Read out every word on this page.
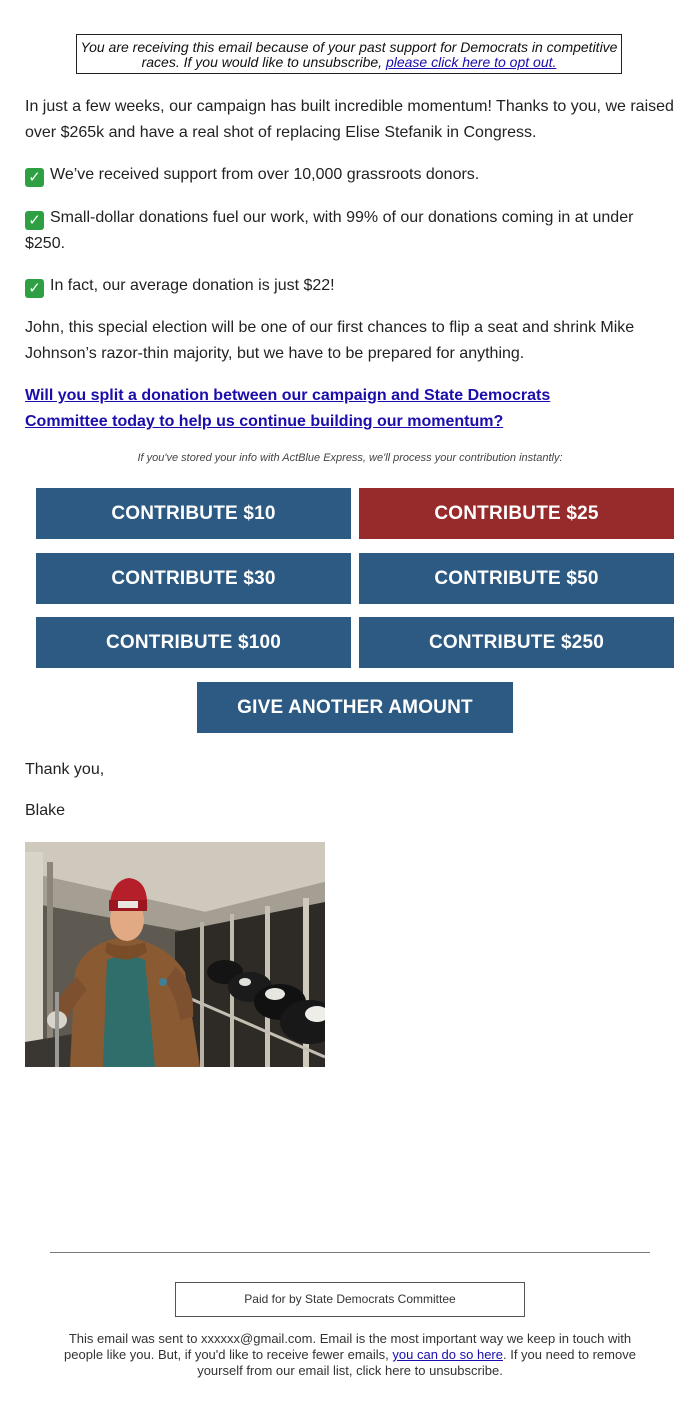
You are receiving this email because of your past support for Democrats in competitive races. If you would like to unsubscribe, please click here to opt out.

In just a few weeks, our campaign has built incredible momentum! Thanks to you, we raised over $265k and have a real shot of replacing Elise Stefanik in Congress.

✓ We’ve received support from over 10,000 grassroots donors.

✓ Small-dollar donations fuel our work, with 99% of our donations coming in at under $250.

✓ In fact, our average donation is just $22!

John, this special election will be one of our first chances to flip a seat and shrink Mike Johnson’s razor-thin majority, but we have to be prepared for anything.

Will you split a donation between our campaign and State Democrats Committee today to help us continue building our momentum?
If you've stored your info with ActBlue Express, we'll process your contribution instantly:
CONTRIBUTE $10	CONTRIBUTE $25
CONTRIBUTE $30	CONTRIBUTE $50
CONTRIBUTE $100	CONTRIBUTE $250
GIVE ANOTHER AMOUNT
Thank you,
Blake
Paid for by State Democrats Committee
This email was sent to xxxxxx@gmail.com. Email is the most important way we keep in touch with people like you. But, if you'd like to receive fewer emails, you can do so here. If you need to remove yourself from our email list, click here to unsubscribe.
